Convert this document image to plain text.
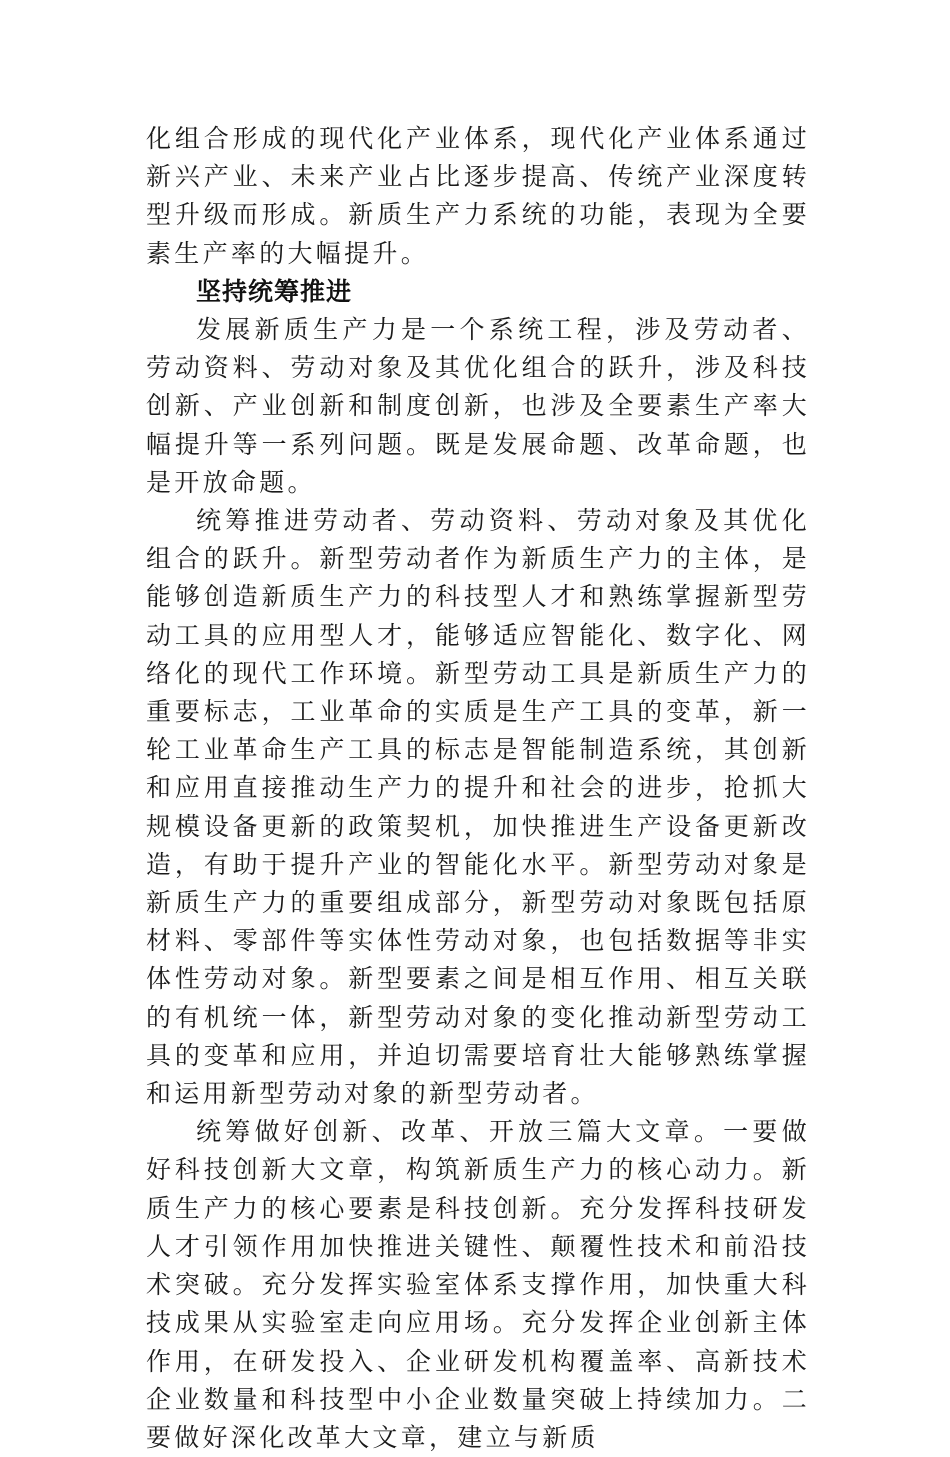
化组合形成的现代化产业体系，现代化产业体系通过新兴产业、未来产业占比逐步提高、传统产业深度转型升级而形成。新质生产力系统的功能，表现为全要素生产率的大幅提升。

坚持统筹推进

发展新质生产力是一个系统工程，涉及劳动者、劳动资料、劳动对象及其优化组合的跃升，涉及科技创新、产业创新和制度创新，也涉及全要素生产率大幅提升等一系列问题。既是发展命题、改革命题，也是开放命题。

统筹推进劳动者、劳动资料、劳动对象及其优化组合的跃升。新型劳动者作为新质生产力的主体，是能够创造新质生产力的科技型人才和熟练掌握新型劳动工具的应用型人才，能够适应智能化、数字化、网络化的现代工作环境。新型劳动工具是新质生产力的重要标志，工业革命的实质是生产工具的变革，新一轮工业革命生产工具的标志是智能制造系统，其创新和应用直接推动生产力的提升和社会的进步，抢抓大规模设备更新的政策契机，加快推进生产设备更新改造，有助于提升产业的智能化水平。新型劳动对象是新质生产力的重要组成部分，新型劳动对象既包括原材料、零部件等实体性劳动对象，也包括数据等非实体性劳动对象。新型要素之间是相互作用、相互关联的有机统一体，新型劳动对象的变化推动新型劳动工具的变革和应用，并迫切需要培育壮大能够熟练掌握和运用新型劳动对象的新型劳动者。

统筹做好创新、改革、开放三篇大文章。一要做好科技创新大文章，构筑新质生产力的核心动力。新质生产力的核心要素是科技创新。充分发挥科技研发人才引领作用加快推进关键性、颠覆性技术和前沿技术突破。充分发挥实验室体系支撑作用，加快重大科技成果从实验室走向应用场。充分发挥企业创新主体作用，在研发投入、企业研发机构覆盖率、高新技术企业数量和科技型中小企业数量突破上持续加力。二要做好深化改革大文章，建立与新质
